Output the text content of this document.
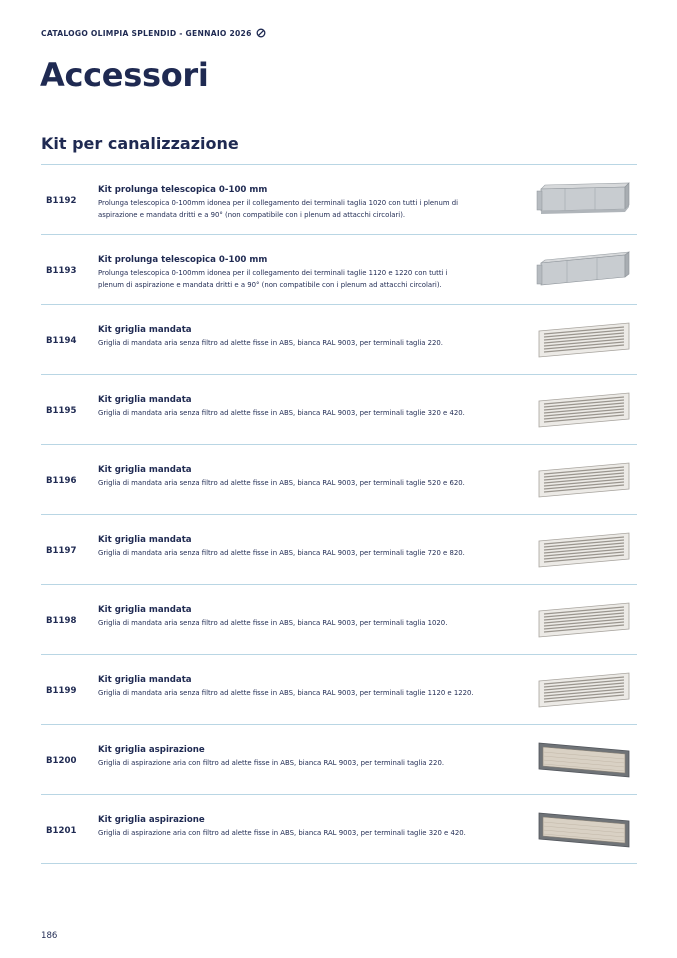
CATALOGO OLIMPIA SPLENDID - GENNAIO 2026
Accessori
Kit per canalizzazione
B1192
Kit prolunga telescopica 0-100 mm
Prolunga telescopica 0-100mm idonea per il collegamento dei terminali taglia 1020 con tutti i plenum di
aspirazione e mandata dritti e a 90° (non compatibile con i plenum ad attacchi circolari).
B1193
Kit prolunga telescopica 0-100 mm
Prolunga telescopica 0-100mm idonea per il collegamento dei terminali taglie 1120 e 1220 con tutti i
plenum di aspirazione e mandata dritti e a 90° (non compatibile con i plenum ad attacchi circolari).
B1194
Kit griglia mandata
Griglia di mandata aria senza filtro ad alette fisse in ABS, bianca RAL 9003, per terminali taglia 220.
B1195
Kit griglia mandata
Griglia di mandata aria senza filtro ad alette fisse in ABS, bianca RAL 9003, per terminali taglie 320 e 420.
B1196
Kit griglia mandata
Griglia di mandata aria senza filtro ad alette fisse in ABS, bianca RAL 9003, per terminali taglie 520 e 620.
B1197
Kit griglia mandata
Griglia di mandata aria senza filtro ad alette fisse in ABS, bianca RAL 9003, per terminali taglie 720 e 820.
B1198
Kit griglia mandata
Griglia di mandata aria senza filtro ad alette fisse in ABS, bianca RAL 9003, per terminali taglia 1020.
B1199
Kit griglia mandata
Griglia di mandata aria senza filtro ad alette fisse in ABS, bianca RAL 9003, per terminali taglie 1120 e 1220.
B1200
Kit griglia aspirazione
Griglia di aspirazione aria con filtro ad alette fisse in ABS, bianca RAL 9003, per terminali taglia 220.
B1201
Kit griglia aspirazione
Griglia di aspirazione aria con filtro ad alette fisse in ABS, bianca RAL 9003, per terminali taglie 320 e 420.
186
